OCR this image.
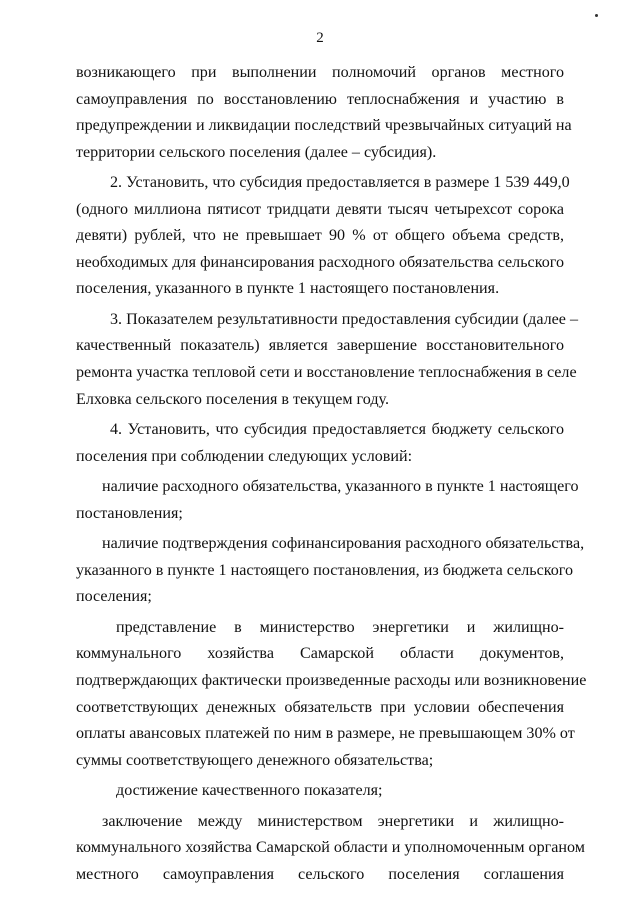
2
возникающего при выполнении полномочий органов местного
самоуправления по восстановлению теплоснабжения и участию в
предупреждении и ликвидации последствий чрезвычайных ситуаций на
территории сельского поселения (далее – субсидия).
2. Установить, что субсидия предоставляется в размере 1 539 449,0
(одного миллиона пятисот тридцати девяти тысяч четырехсот сорока
девяти) рублей, что не превышает 90 % от общего объема средств,
необходимых для финансирования расходного обязательства сельского
поселения, указанного в пункте 1 настоящего постановления.
3. Показателем результативности предоставления субсидии (далее –
качественный показатель) является завершение восстановительного
ремонта участка тепловой сети и восстановление теплоснабжения в селе
Елховка сельского поселения в текущем году.
4. Установить, что субсидия предоставляется бюджету сельского
поселения при соблюдении следующих условий:
наличие расходного обязательства, указанного в пункте 1 настоящего
постановления;
наличие подтверждения софинансирования расходного обязательства,
указанного в пункте 1 настоящего постановления, из бюджета сельского
поселения;
представление в министерство энергетики и жилищно-
коммунального хозяйства Самарской области документов,
подтверждающих фактически произведенные расходы или возникновение
соответствующих денежных обязательств при условии обеспечения
оплаты авансовых платежей по ним в размере, не превышающем 30% от
суммы соответствующего денежного обязательства;
достижение качественного показателя;
заключение между министерством энергетики и жилищно-
коммунального хозяйства Самарской области и уполномоченным органом
местного самоуправления сельского поселения соглашения
